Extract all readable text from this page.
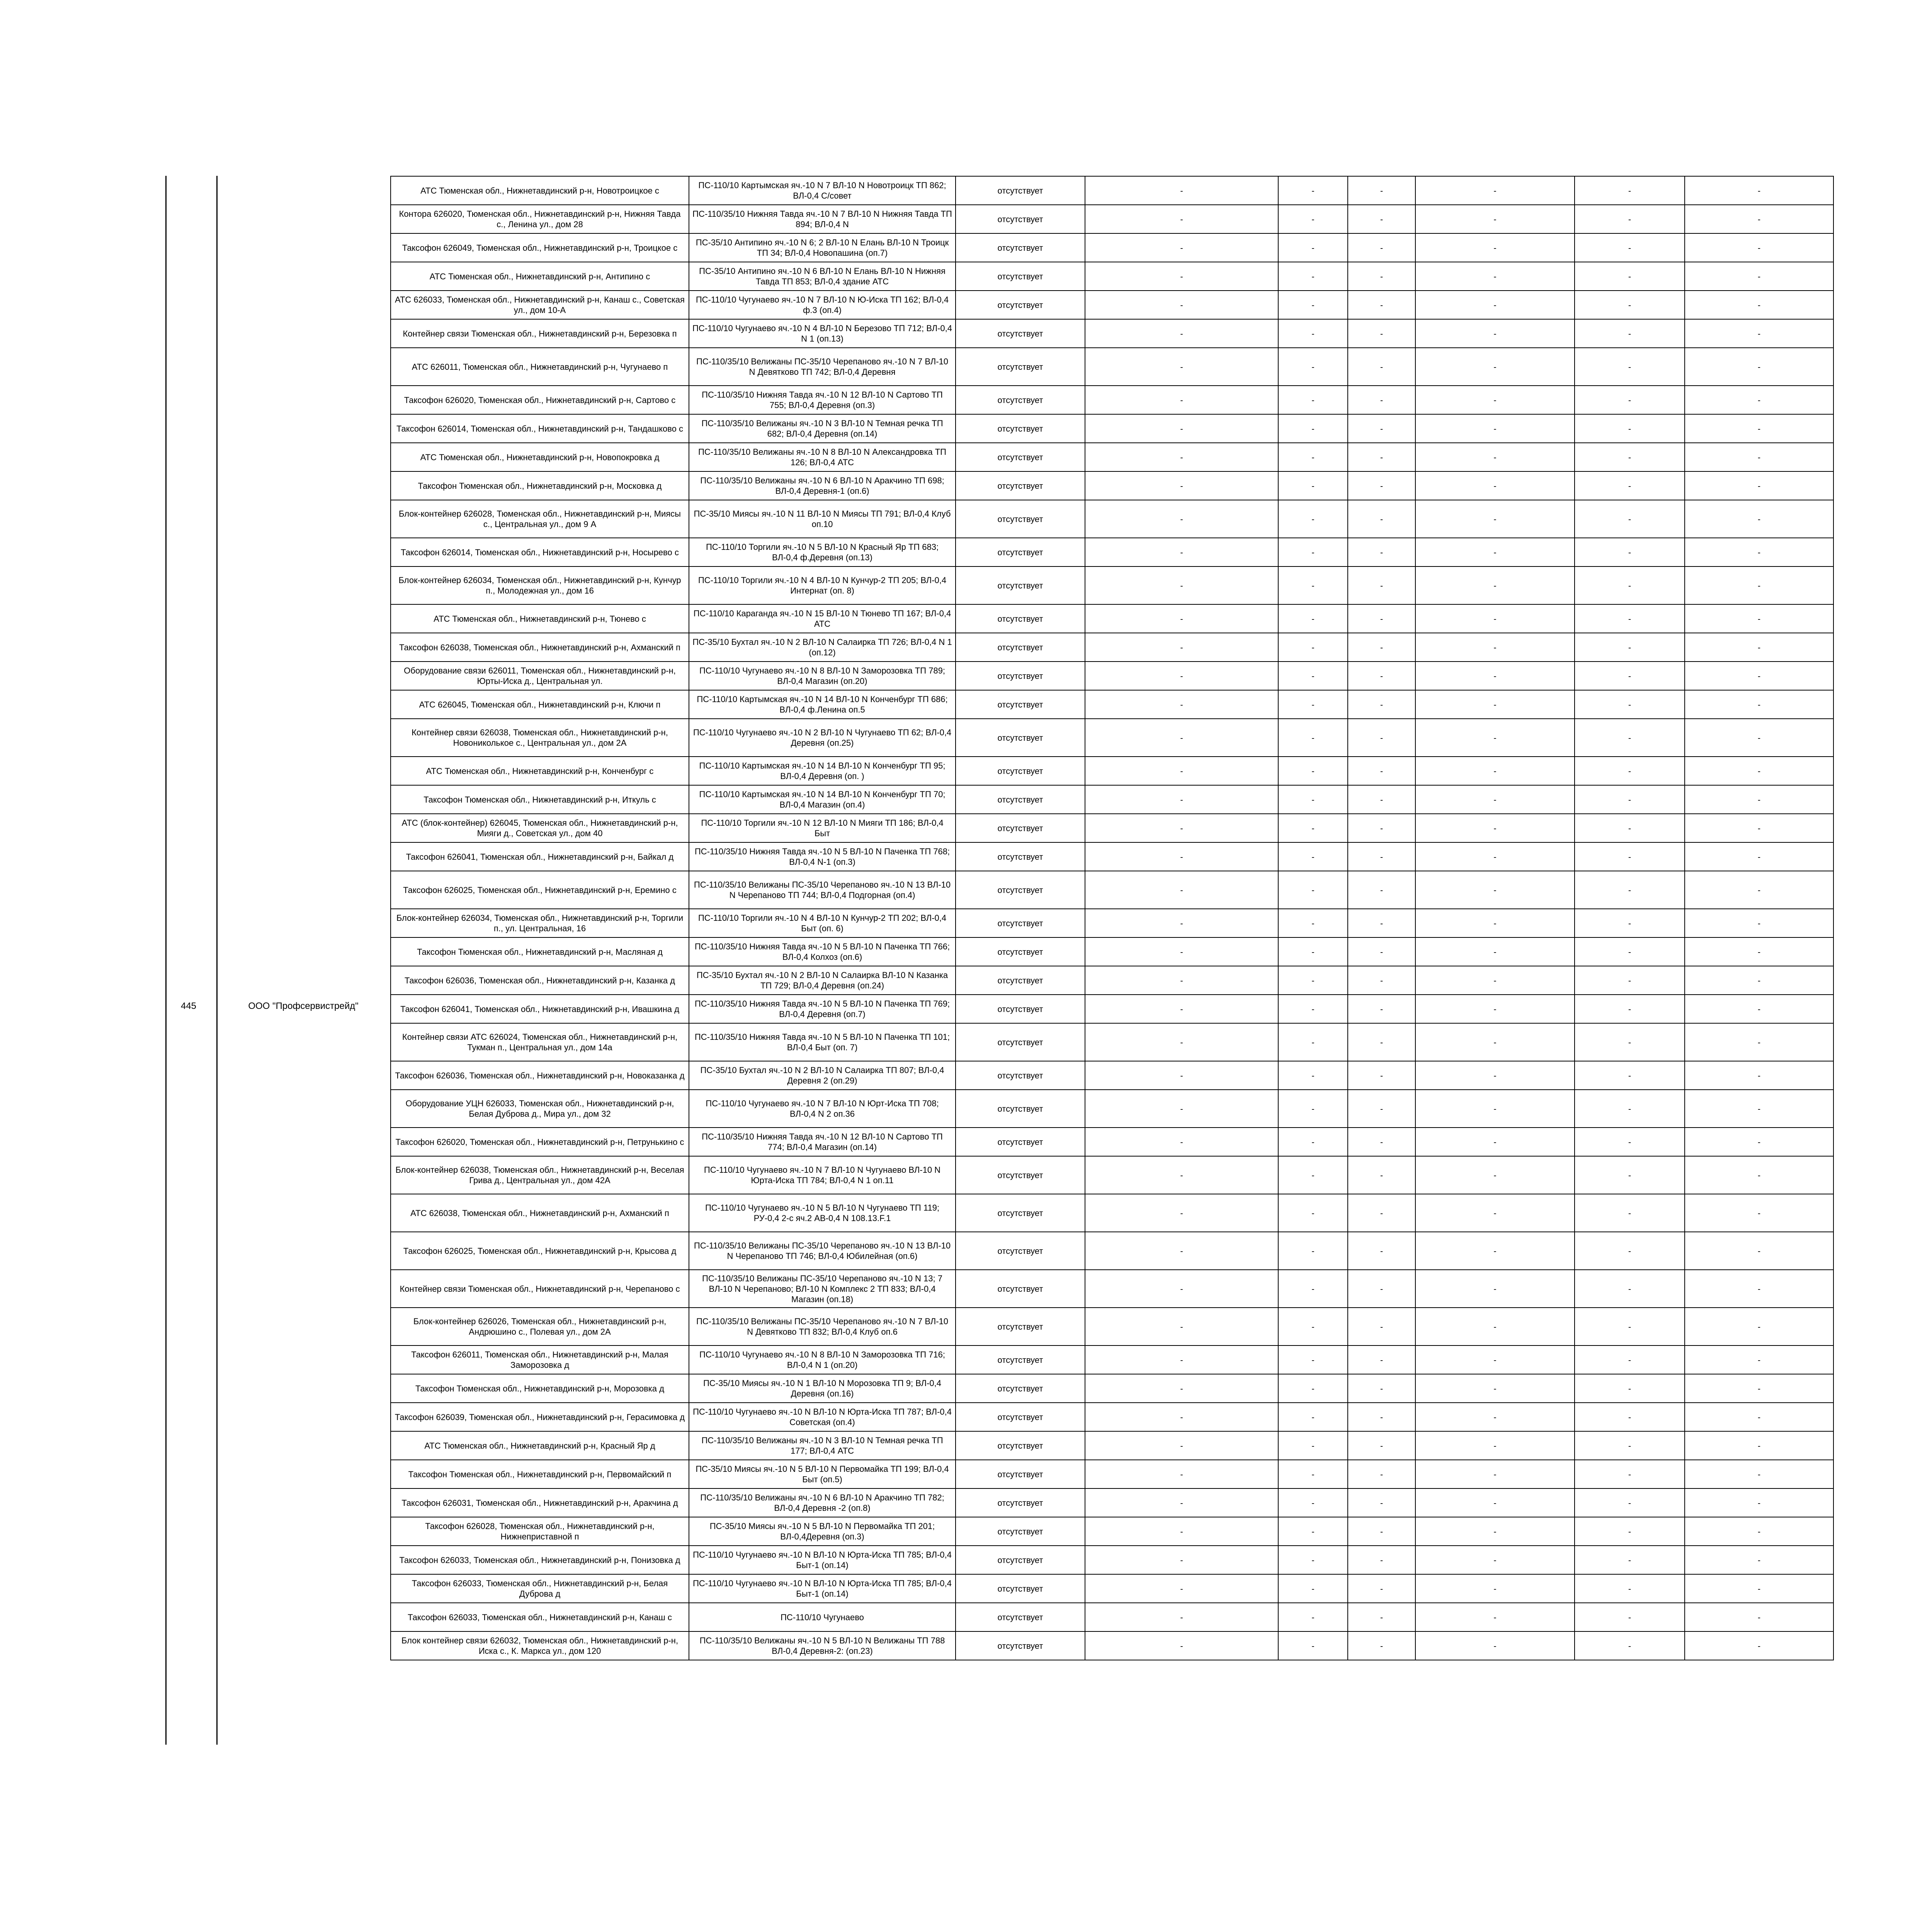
445	ООО "Профсервистрейд"
АТС Тюменская обл., Нижнетавдинский р-н, Новотроицкое с	ПС-110/10 Картымская яч.-10 N 7 ВЛ-10 N Новотроицк ТП 862; ВЛ-0,4 С/совет	отсутствует	-	-	-	-	-	-
Контора 626020, Тюменская обл., Нижнетавдинский р-н, Нижняя Тавда с., Ленина ул., дом 28	ПС-110/35/10 Нижняя Тавда яч.-10 N 7 ВЛ-10 N Нижняя Тавда ТП 894; ВЛ-0,4 N	отсутствует	-	-	-	-	-	-
Таксофон 626049, Тюменская обл., Нижнетавдинский р-н, Троицкое с	ПС-35/10 Антипино яч.-10 N 6; 2 ВЛ-10 N Елань ВЛ-10 N Троицк ТП 34; ВЛ-0,4 Новопашина (оп.7)	отсутствует	-	-	-	-	-	-
АТС Тюменская обл., Нижнетавдинский р-н, Антипино с	ПС-35/10 Антипино яч.-10 N 6 ВЛ-10 N Елань ВЛ-10 N Нижняя Тавда ТП 853; ВЛ-0,4 здание АТС	отсутствует	-	-	-	-	-	-
АТС 626033, Тюменская обл., Нижнетавдинский р-н, Канаш с., Советская ул., дом 10-А	ПС-110/10 Чугунаево яч.-10 N 7 ВЛ-10 N Ю-Иска ТП 162; ВЛ-0,4 ф.3 (оп.4)	отсутствует	-	-	-	-	-	-
Контейнер связи Тюменская обл., Нижнетавдинский р-н, Березовка п	ПС-110/10 Чугунаево яч.-10 N 4 ВЛ-10 N Березово ТП 712; ВЛ-0,4 N 1 (оп.13)	отсутствует	-	-	-	-	-	-
АТС 626011, Тюменская обл., Нижнетавдинский р-н, Чугунаево п	ПС-110/35/10 Велижаны ПС-35/10 Черепаново яч.-10 N 7 ВЛ-10 N Девятково ТП 742; ВЛ-0,4 Деревня	отсутствует	-	-	-	-	-	-
Таксофон 626020, Тюменская обл., Нижнетавдинский р-н, Сартово с	ПС-110/35/10 Нижняя Тавда яч.-10 N 12 ВЛ-10 N Сартово ТП 755; ВЛ-0,4 Деревня (оп.3)	отсутствует	-	-	-	-	-	-
Таксофон 626014, Тюменская обл., Нижнетавдинский р-н, Тандашково с	ПС-110/35/10 Велижаны яч.-10 N 3 ВЛ-10 N Темная речка ТП 682; ВЛ-0,4 Деревня (оп.14)	отсутствует	-	-	-	-	-	-
АТС Тюменская обл., Нижнетавдинский р-н, Новопокровка д	ПС-110/35/10 Велижаны яч.-10 N 8 ВЛ-10 N Александровка ТП 126; ВЛ-0,4 АТС	отсутствует	-	-	-	-	-	-
Таксофон Тюменская обл., Нижнетавдинский р-н, Московка д	ПС-110/35/10 Велижаны яч.-10 N 6 ВЛ-10 N Аракчино ТП 698; ВЛ-0,4 Деревня-1 (оп.6)	отсутствует	-	-	-	-	-	-
Блок-контейнер 626028, Тюменская обл., Нижнетавдинский р-н, Миясы с., Центральная ул., дом 9 А	ПС-35/10 Миясы яч.-10 N 11 ВЛ-10 N Миясы ТП 791; ВЛ-0,4 Клуб оп.10	отсутствует	-	-	-	-	-	-
Таксофон 626014, Тюменская обл., Нижнетавдинский р-н, Носырево с	ПС-110/10 Торгили яч.-10 N 5 ВЛ-10 N Красный Яр ТП 683; ВЛ-0,4 ф.Деревня (оп.13)	отсутствует	-	-	-	-	-	-
Блок-контейнер 626034, Тюменская обл., Нижнетавдинский р-н, Кунчур п., Молодежная ул., дом 16	ПС-110/10 Торгили яч.-10 N 4 ВЛ-10 N Кунчур-2 ТП 205; ВЛ-0,4 Интернат (оп. 8)	отсутствует	-	-	-	-	-	-
АТС Тюменская обл., Нижнетавдинский р-н, Тюнево с	ПС-110/10 Караганда яч.-10 N 15 ВЛ-10 N Тюнево ТП 167; ВЛ-0,4 АТС	отсутствует	-	-	-	-	-	-
Таксофон 626038, Тюменская обл., Нижнетавдинский р-н, Ахманский п	ПС-35/10 Бухтал яч.-10 N 2 ВЛ-10 N Салаирка ТП 726; ВЛ-0,4 N 1 (оп.12)	отсутствует	-	-	-	-	-	-
Оборудование связи 626011, Тюменская обл., Нижнетавдинский р-н, Юрты-Иска д., Центральная ул.	ПС-110/10 Чугунаево яч.-10 N 8 ВЛ-10 N Заморозовка ТП 789; ВЛ-0,4 Магазин (оп.20)	отсутствует	-	-	-	-	-	-
АТС 626045, Тюменская обл., Нижнетавдинский р-н, Ключи п	ПС-110/10 Картымская яч.-10 N 14 ВЛ-10 N Конченбург ТП 686; ВЛ-0,4 ф.Ленина оп.5	отсутствует	-	-	-	-	-	-
Контейнер связи 626038, Тюменская обл., Нижнетавдинский р-н, Новониколькое с., Центральная ул., дом 2А	ПС-110/10 Чугунаево яч.-10 N 2 ВЛ-10 N Чугунаево ТП 62; ВЛ-0,4 Деревня (оп.25)	отсутствует	-	-	-	-	-	-
АТС Тюменская обл., Нижнетавдинский р-н, Конченбург с	ПС-110/10 Картымская яч.-10 N 14 ВЛ-10 N Конченбург ТП 95; ВЛ-0,4 Деревня (оп. )	отсутствует	-	-	-	-	-	-
Таксофон Тюменская обл., Нижнетавдинский р-н, Иткуль с	ПС-110/10 Картымская яч.-10 N 14 ВЛ-10 N Конченбург ТП 70; ВЛ-0,4 Магазин (оп.4)	отсутствует	-	-	-	-	-	-
АТС (блок-контейнер) 626045, Тюменская обл., Нижнетавдинский р-н, Мияги д., Советская ул., дом 40	ПС-110/10 Торгили яч.-10 N 12 ВЛ-10 N Мияги ТП 186; ВЛ-0,4 Быт	отсутствует	-	-	-	-	-	-
Таксофон 626041, Тюменская обл., Нижнетавдинский р-н, Байкал д	ПС-110/35/10 Нижняя Тавда яч.-10 N 5 ВЛ-10 N Паченка ТП 768; ВЛ-0,4 N-1 (оп.3)	отсутствует	-	-	-	-	-	-
Таксофон 626025, Тюменская обл., Нижнетавдинский р-н, Еремино с	ПС-110/35/10 Велижаны ПС-35/10 Черепаново яч.-10 N 13 ВЛ-10 N Черепаново ТП 744; ВЛ-0,4 Подгорная (оп.4)	отсутствует	-	-	-	-	-	-
Блок-контейнер 626034, Тюменская обл., Нижнетавдинский р-н, Торгили п., ул. Центральная, 16	ПС-110/10 Торгили яч.-10 N 4 ВЛ-10 N Кунчур-2 ТП 202; ВЛ-0,4 Быт (оп. 6)	отсутствует	-	-	-	-	-	-
Таксофон Тюменская обл., Нижнетавдинский р-н, Масляная д	ПС-110/35/10 Нижняя Тавда яч.-10 N 5 ВЛ-10 N Паченка ТП 766; ВЛ-0,4 Колхоз (оп.6)	отсутствует	-	-	-	-	-	-
Таксофон 626036, Тюменская обл., Нижнетавдинский р-н, Казанка д	ПС-35/10 Бухтал яч.-10 N 2 ВЛ-10 N Салаирка ВЛ-10 N Казанка ТП 729; ВЛ-0,4 Деревня (оп.24)	отсутствует	-	-	-	-	-	-
Таксофон 626041, Тюменская обл., Нижнетавдинский р-н, Ивашкина д	ПС-110/35/10 Нижняя Тавда яч.-10 N 5 ВЛ-10 N Паченка ТП 769; ВЛ-0,4 Деревня (оп.7)	отсутствует	-	-	-	-	-	-
Контейнер связи АТС 626024, Тюменская обл., Нижнетавдинский р-н, Тукман п., Центральная ул., дом 14а	ПС-110/35/10 Нижняя Тавда яч.-10 N 5 ВЛ-10 N Паченка ТП 101; ВЛ-0,4 Быт (оп. 7)	отсутствует	-	-	-	-	-	-
Таксофон 626036, Тюменская обл., Нижнетавдинский р-н, Новоказанка д	ПС-35/10 Бухтал яч.-10 N 2 ВЛ-10 N Салаирка ТП 807; ВЛ-0,4 Деревня 2 (оп.29)	отсутствует	-	-	-	-	-	-
Оборудование УЦН 626033, Тюменская обл., Нижнетавдинский р-н, Белая Дуброва д., Мира ул., дом 32	ПС-110/10 Чугунаево яч.-10 N 7 ВЛ-10 N Юрт-Иска ТП 708; ВЛ-0,4 N 2 оп.36	отсутствует	-	-	-	-	-	-
Таксофон 626020, Тюменская обл., Нижнетавдинский р-н, Петрунькино с	ПС-110/35/10 Нижняя Тавда яч.-10 N 12 ВЛ-10 N Сартово ТП 774; ВЛ-0,4 Магазин (оп.14)	отсутствует	-	-	-	-	-	-
Блок-контейнер 626038, Тюменская обл., Нижнетавдинский р-н, Веселая Грива д., Центральная ул., дом 42А	ПС-110/10 Чугунаево яч.-10 N 7 ВЛ-10 N Чугунаево ВЛ-10 N Юрта-Иска ТП 784; ВЛ-0,4 N 1 оп.11	отсутствует	-	-	-	-	-	-
АТС 626038, Тюменская обл., Нижнетавдинский р-н, Ахманский п	ПС-110/10 Чугунаево яч.-10 N 5 ВЛ-10 N Чугунаево ТП 119; РУ-0,4 2-с яч.2 АВ-0,4 N 108.13.F.1	отсутствует	-	-	-	-	-	-
Таксофон 626025, Тюменская обл., Нижнетавдинский р-н, Крысова д	ПС-110/35/10 Велижаны ПС-35/10 Черепаново яч.-10 N 13 ВЛ-10 N Черепаново ТП 746; ВЛ-0,4 Юбилейная (оп.6)	отсутствует	-	-	-	-	-	-
Контейнер связи Тюменская обл., Нижнетавдинский р-н, Черепаново с	ПС-110/35/10 Велижаны ПС-35/10 Черепаново яч.-10 N 13; 7 ВЛ-10 N Черепаново; ВЛ-10 N Комплекс 2 ТП 833; ВЛ-0,4 Магазин (оп.18)	отсутствует	-	-	-	-	-	-
Блок-контейнер 626026, Тюменская обл., Нижнетавдинский р-н, Андрюшино с., Полевая ул., дом 2А	ПС-110/35/10 Велижаны ПС-35/10 Черепаново яч.-10 N 7 ВЛ-10 N Девятково ТП 832; ВЛ-0,4 Клуб оп.6	отсутствует	-	-	-	-	-	-
Таксофон 626011, Тюменская обл., Нижнетавдинский р-н, Малая Заморозовка д	ПС-110/10 Чугунаево яч.-10 N 8 ВЛ-10 N Заморозовка ТП 716; ВЛ-0,4 N 1 (оп.20)	отсутствует	-	-	-	-	-	-
Таксофон Тюменская обл., Нижнетавдинский р-н, Морозовка д	ПС-35/10 Миясы яч.-10 N 1 ВЛ-10 N Морозовка ТП 9; ВЛ-0,4 Деревня (оп.16)	отсутствует	-	-	-	-	-	-
Таксофон 626039, Тюменская обл., Нижнетавдинский р-н, Герасимовка д	ПС-110/10 Чугунаево яч.-10 N ВЛ-10 N Юрта-Иска ТП 787; ВЛ-0,4 Советская (оп.4)	отсутствует	-	-	-	-	-	-
АТС Тюменская обл., Нижнетавдинский р-н, Красный Яр д	ПС-110/35/10 Велижаны яч.-10 N 3 ВЛ-10 N Темная речка ТП 177; ВЛ-0,4 АТС	отсутствует	-	-	-	-	-	-
Таксофон Тюменская обл., Нижнетавдинский р-н, Первомайский п	ПС-35/10 Миясы яч.-10 N 5 ВЛ-10 N Первомайка ТП 199; ВЛ-0,4 Быт (оп.5)	отсутствует	-	-	-	-	-	-
Таксофон 626031, Тюменская обл., Нижнетавдинский р-н, Аракчина д	ПС-110/35/10 Велижаны яч.-10 N 6 ВЛ-10 N Аракчино ТП 782; ВЛ-0,4 Деревня -2 (оп.8)	отсутствует	-	-	-	-	-	-
Таксофон 626028, Тюменская обл., Нижнетавдинский р-н, Нижнеприставной п	ПС-35/10 Миясы яч.-10 N 5 ВЛ-10 N Первомайка ТП 201; ВЛ-0,4Деревня (оп.3)	отсутствует	-	-	-	-	-	-
Таксофон 626033, Тюменская обл., Нижнетавдинский р-н, Понизовка д	ПС-110/10 Чугунаево яч.-10 N ВЛ-10 N Юрта-Иска ТП 785; ВЛ-0,4 Быт-1 (оп.14)	отсутствует	-	-	-	-	-	-
Таксофон 626033, Тюменская обл., Нижнетавдинский р-н, Белая Дуброва д	ПС-110/10 Чугунаево яч.-10 N ВЛ-10 N Юрта-Иска ТП 785; ВЛ-0,4 Быт-1 (оп.14)	отсутствует	-	-	-	-	-	-
Таксофон 626033, Тюменская обл., Нижнетавдинский р-н, Канаш с	ПС-110/10 Чугунаево	отсутствует	-	-	-	-	-	-
Блок контейнер связи 626032, Тюменская обл., Нижнетавдинский р-н, Иска с., К. Маркса ул., дом 120	ПС-110/35/10 Велижаны яч.-10 N 5 ВЛ-10 N Велижаны ТП 788 ВЛ-0,4 Деревня-2: (оп.23)	отсутствует	-	-	-	-	-	-
